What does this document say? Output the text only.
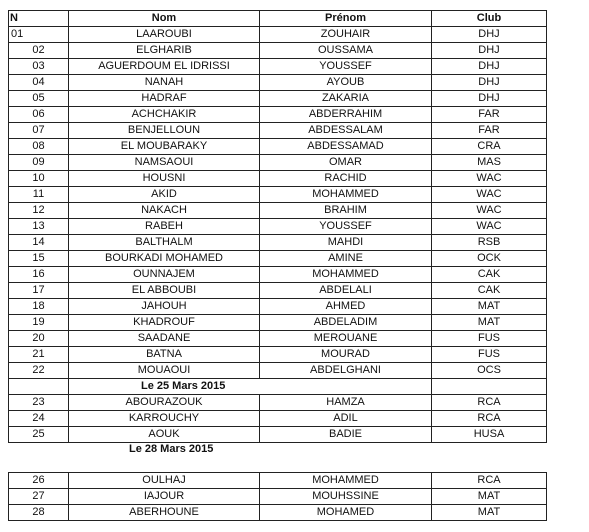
N	Nom	Prénom	Club
01	LAAROUBI	ZOUHAIR	DHJ
02	ELGHARIB	OUSSAMA	DHJ
03	AGUERDOUM EL IDRISSI	YOUSSEF	DHJ
04	NANAH	AYOUB	DHJ
05	HADRAF	ZAKARIA	DHJ
06	ACHCHAKIR	ABDERRAHIM	FAR
07	BENJELLOUN	ABDESSALAM	FAR
08	EL MOUBARAKY	ABDESSAMAD	CRA
09	NAMSAOUI	OMAR	MAS
10	HOUSNI	RACHID	WAC
11	AKID	MOHAMMED	WAC
12	NAKACH	BRAHIM	WAC
13	RABEH	YOUSSEF	WAC
14	BALTHALM	MAHDI	RSB
15	BOURKADI MOHAMED	AMINE	OCK
16	OUNNAJEM	MOHAMMED	CAK
17	EL ABBOUBI	ABDELALI	CAK
18	JAHOUH	AHMED	MAT
19	KHADROUF	ABDELADIM	MAT
20	SAADANE	MEROUANE	FUS
21	BATNA	MOURAD	FUS
22	MOUAOUI	ABDELGHANI	OCS
	Le 25 Mars 2015		
23	ABOURAZOUK	HAMZA	RCA
24	KARROUCHY	ADIL	RCA
25	AOUK	BADIE	HUSA
Le 28 Mars 2015
26	OULHAJ	MOHAMMED	RCA
27	IAJOUR	MOUHSSINE	MAT
28	ABERHOUNE	MOHAMED	MAT
